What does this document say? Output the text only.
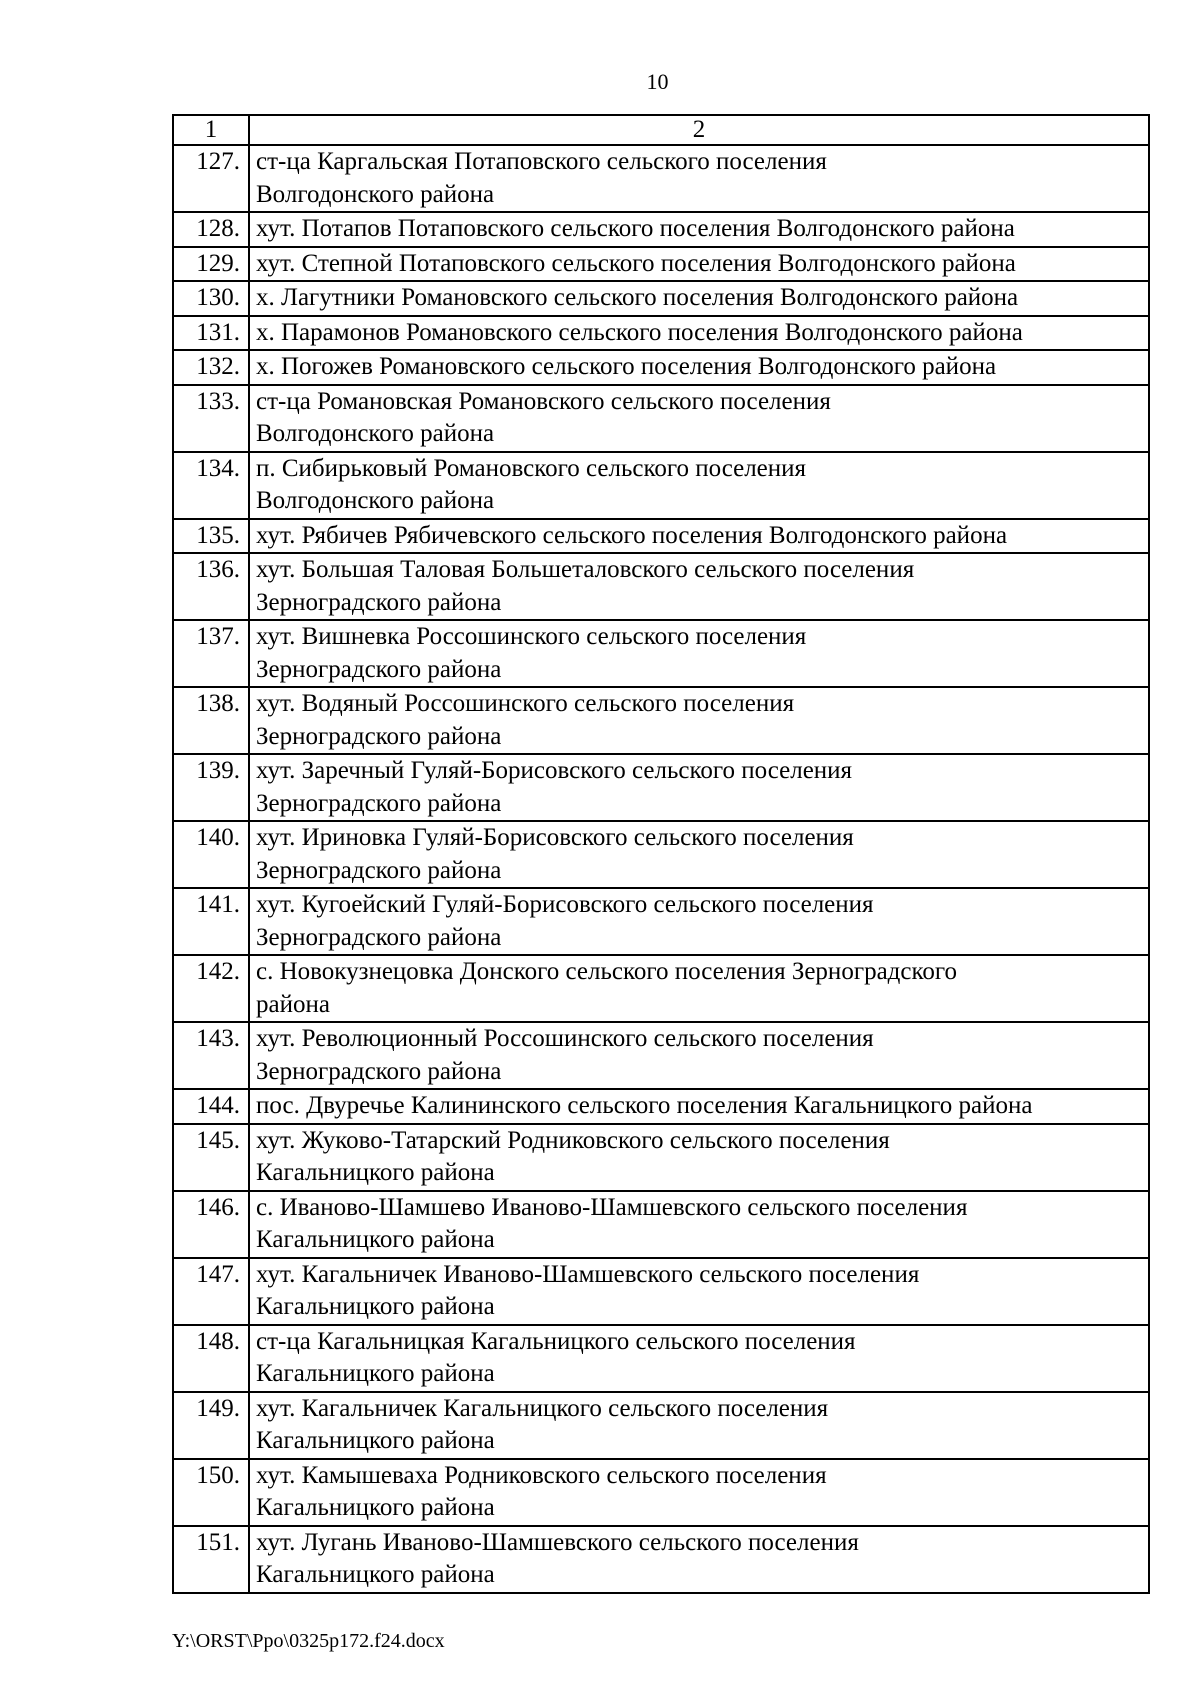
10
1	2
127.	ст-ца Каргальская Потаповского сельского поселения
Волгодонского района
128.	хут. Потапов Потаповского сельского поселения Волгодонского района
129.	хут. Степной Потаповского сельского поселения Волгодонского района
130.	х. Лагутники Романовского сельского поселения Волгодонского района
131.	х. Парамонов Романовского сельского поселения Волгодонского района
132.	х. Погожев Романовского сельского поселения Волгодонского района
133.	ст-ца Романовская Романовского сельского поселения
Волгодонского района
134.	п. Сибирьковый Романовского сельского поселения
Волгодонского района
135.	хут. Рябичев Рябичевского сельского поселения Волгодонского района
136.	хут. Большая Таловая Большеталовского сельского поселения
Зерноградского района
137.	хут. Вишневка Россошинского сельского поселения
Зерноградского района
138.	хут. Водяный Россошинского сельского поселения
Зерноградского района
139.	хут. Заречный Гуляй-Борисовского сельского поселения
Зерноградского района
140.	хут. Ириновка Гуляй-Борисовского сельского поселения
Зерноградского района
141.	хут. Кугоейский Гуляй-Борисовского сельского поселения
Зерноградского района
142.	с. Новокузнецовка Донского сельского поселения Зерноградского
района
143.	хут. Революционный Россошинского сельского поселения
Зерноградского района
144.	пос. Двуречье Калининского сельского поселения Кагальницкого района
145.	хут. Жуково-Татарский Родниковского сельского поселения
Кагальницкого района
146.	с. Иваново-Шамшево Иваново-Шамшевского сельского поселения
Кагальницкого района
147.	хут. Кагальничек Иваново-Шамшевского сельского поселения
Кагальницкого района
148.	ст-ца Кагальницкая Кагальницкого сельского поселения
Кагальницкого района
149.	хут. Кагальничек Кагальницкого сельского поселения
Кагальницкого района
150.	хут. Камышеваха Родниковского сельского поселения
Кагальницкого района
151.	хут. Лугань Иваново-Шамшевского сельского поселения
Кагальницкого района
Y:\ORST\Ppo\0325p172.f24.docx
